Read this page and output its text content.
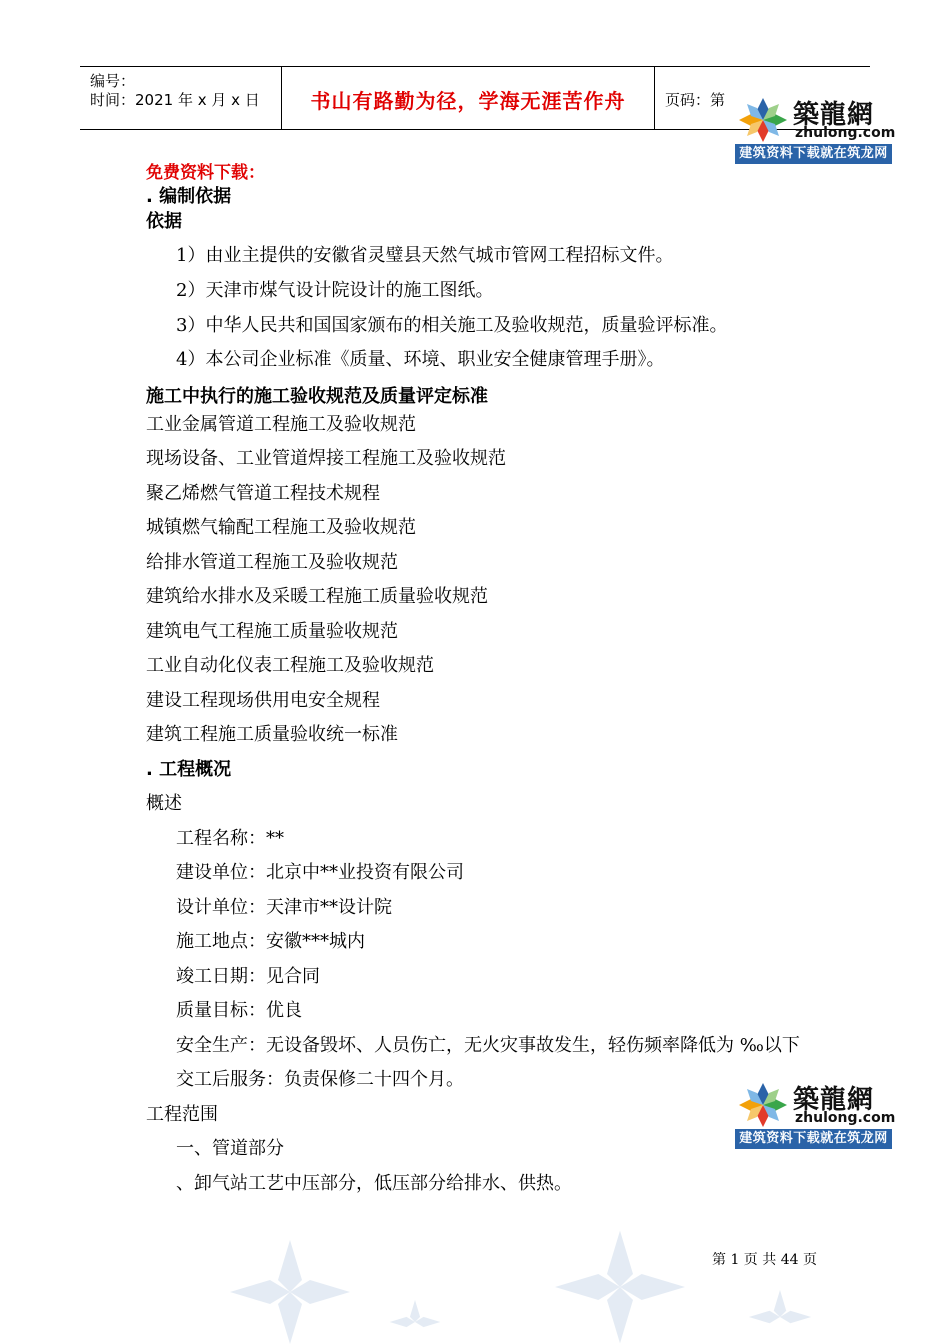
编号：
时间：2021 年 x 月 x 日	书山有路勤为径，学海无涯苦作舟	页码：第	築龍網
zhulong.com
建筑资料下载就在筑龙网
免费资料下载：
. 编制依据
依据
1）由业主提供的安徽省灵璧县天然气城市管网工程招标文件。
2）天津市煤气设计院设计的施工图纸。
3）中华人民共和国国家颁布的相关施工及验收规范，质量验评标准。
4）本公司企业标准《质量、环境、职业安全健康管理手册》。
施工中执行的施工验收规范及质量评定标准
工业金属管道工程施工及验收规范
现场设备、工业管道焊接工程施工及验收规范
聚乙烯燃气管道工程技术规程
城镇燃气输配工程施工及验收规范
给排水管道工程施工及验收规范
建筑给水排水及采暖工程施工质量验收规范
建筑电气工程施工质量验收规范
工业自动化仪表工程施工及验收规范
建设工程现场供用电安全规程
建筑工程施工质量验收统一标准
. 工程概况
概述
工程名称：**
建设单位：北京中**业投资有限公司
设计单位：天津市**设计院
施工地点：安徽***城内
竣工日期：见合同
质量目标：优良
安全生产：无设备毁坏、人员伤亡，无火灾事故发生，轻伤频率降低为 ‰以下
交工后服务：负责保修二十四个月。
工程范围
一、管道部分
、卸气站工艺中压部分，低压部分给排水、供热。
築龍網
zhulong.com
建筑资料下载就在筑龙网
第 1 页 共 44 页
